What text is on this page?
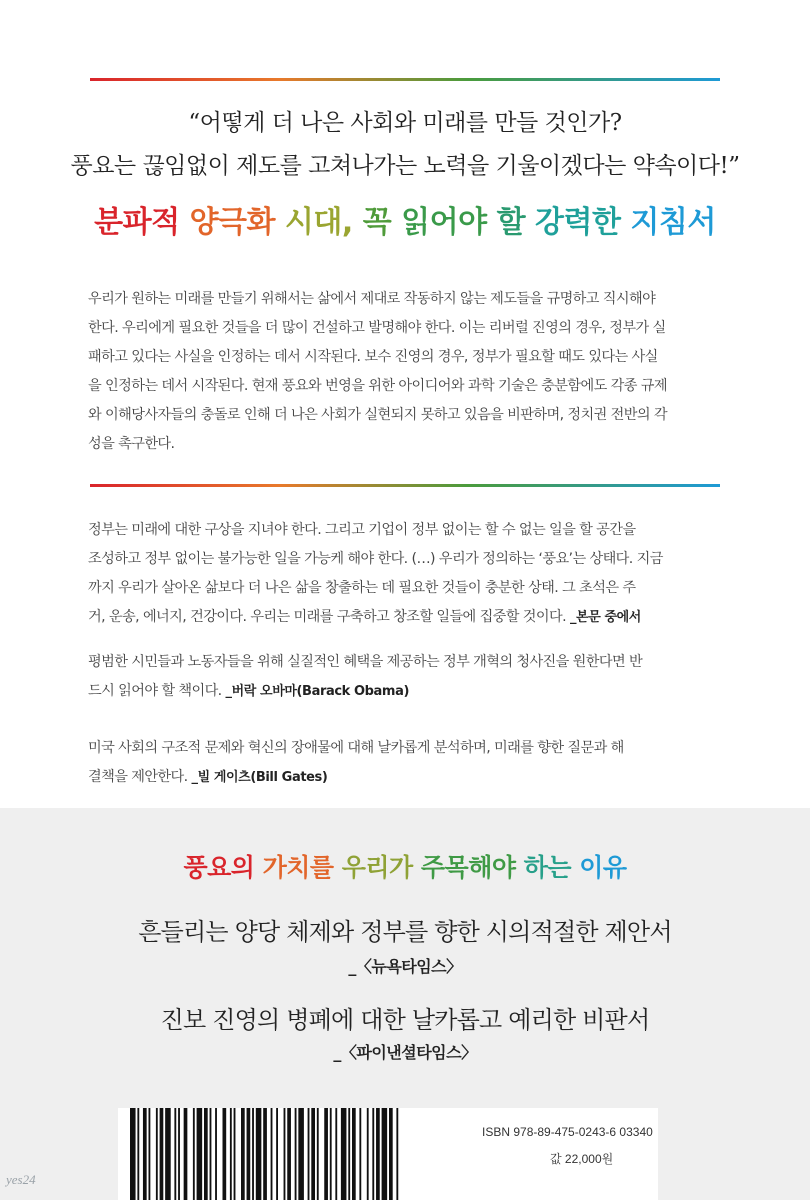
“어떻게 더 나은 사회와 미래를 만들 것인가?
풍요는 끊임없이 제도를 고쳐나가는 노력을 기울이겠다는 약속이다!”
분파적 양극화 시대, 꼭 읽어야 할 강력한 지침서
우리가 원하는 미래를 만들기 위해서는 삶에서 제대로 작동하지 않는 제도들을 규명하고 직시해야
한다. 우리에게 필요한 것들을 더 많이 건설하고 발명해야 한다. 이는 리버럴 진영의 경우, 정부가 실
패하고 있다는 사실을 인정하는 데서 시작된다. 보수 진영의 경우, 정부가 필요할 때도 있다는 사실
을 인정하는 데서 시작된다. 현재 풍요와 번영을 위한 아이디어와 과학 기술은 충분함에도 각종 규제
와 이해당사자들의 충돌로 인해 더 나은 사회가 실현되지 못하고 있음을 비판하며, 정치권 전반의 각
성을 촉구한다.
정부는 미래에 대한 구상을 지녀야 한다. 그리고 기업이 정부 없이는 할 수 없는 일을 할 공간을
조성하고 정부 없이는 불가능한 일을 가능케 해야 한다. (…) 우리가 정의하는 ‘풍요’는 상태다. 지금
까지 우리가 살아온 삶보다 더 나은 삶을 창출하는 데 필요한 것들이 충분한 상태. 그 초석은 주
거, 운송, 에너지, 건강이다. 우리는 미래를 구축하고 창조할 일들에 집중할 것이다. _본문 중에서
평범한 시민들과 노동자들을 위해 실질적인 혜택을 제공하는 정부 개혁의 청사진을 원한다면 반
드시 읽어야 할 책이다. _버락 오바마(Barack Obama)
미국 사회의 구조적 문제와 혁신의 장애물에 대해 날카롭게 분석하며, 미래를 향한 질문과 해
결책을 제안한다. _빌 게이츠(Bill Gates)
풍요의 가치를 우리가 주목해야 하는 이유
흔들리는 양당 체제와 정부를 향한 시의적절한 제안서
_〈뉴욕타임스〉
진보 진영의 병폐에 대한 날카롭고 예리한 비판서
_〈파이낸셜타임스〉
ISBN 978-89-475-0243-6 03340
값 22,000원
yes24
